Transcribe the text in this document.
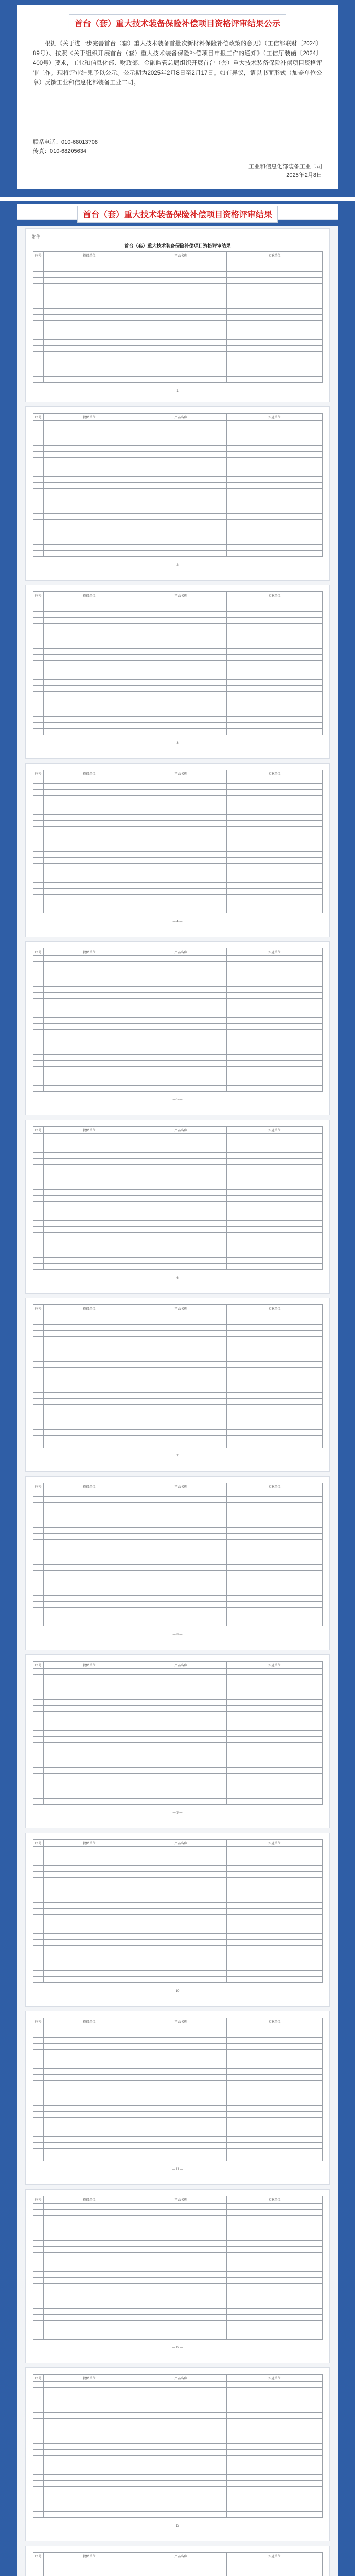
首台（套）重大技术装备保险补偿项目资格评审结果公示
根据《关于进一步完善首台（套）重大技术装备首批次新材料保险补偿政策的意见》（工信部联财〔2024〕89号）、按照《关于组织开展首台（套）重大技术装备保险补偿项目申报工作的通知》（工信厅装函〔2024〕400号）要求，工业和信息化部、财政部、金融监管总局组织开展首台（套）重大技术装备保险补偿项目资格评审工作。现将评审结果予以公示。公示期为2025年2月8日至2月17日。如有异议，请以书面形式（加盖单位公章）反馈工业和信息化部装备工业二司。
联系电话：010-68013708
传真：010-68205634
工业和信息化部装备工业二司
2025年2月8日
首台（套）重大技术装备保险补偿项目资格评审结果
附件
首台（套）重大技术装备保险补偿项目资格评审结果
序号	投保单位	产品名称	实施单位

— 1 —
序号	投保单位	产品名称	实施单位

— 2 —
序号	投保单位	产品名称	实施单位

— 3 —
序号	投保单位	产品名称	实施单位

— 4 —
序号	投保单位	产品名称	实施单位

— 5 —
序号	投保单位	产品名称	实施单位

— 6 —
序号	投保单位	产品名称	实施单位

— 7 —
序号	投保单位	产品名称	实施单位

— 8 —
序号	投保单位	产品名称	实施单位

— 9 —
序号	投保单位	产品名称	实施单位

— 10 —
序号	投保单位	产品名称	实施单位

— 11 —
序号	投保单位	产品名称	实施单位

— 12 —
序号	投保单位	产品名称	实施单位

— 13 —
序号	投保单位	产品名称	实施单位
